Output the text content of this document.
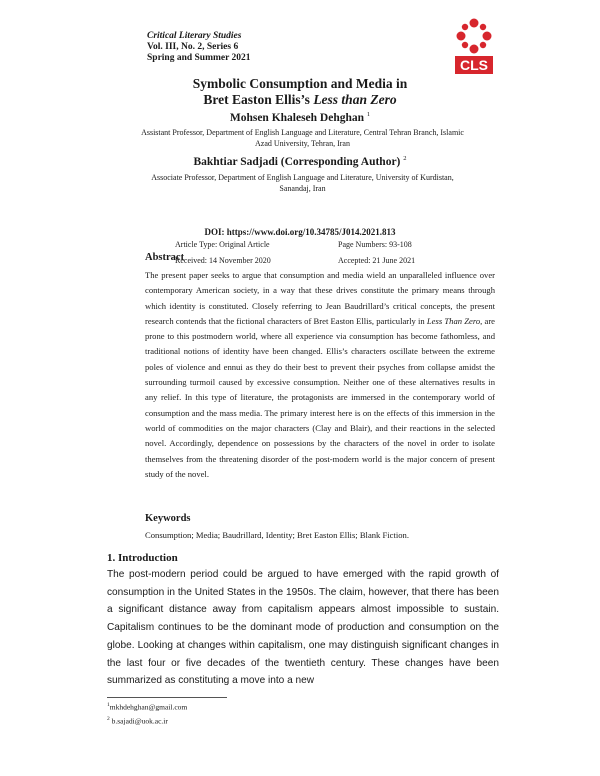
Critical Literary Studies
Vol. III, No. 2, Series 6
Spring and Summer 2021	CLS
Symbolic Consumption and Media in
Bret Easton Ellis’s Less than Zero
Mohsen Khaleseh Dehghan $^1$
Assistant Professor, Department of English Language and Literature, Central Tehran Branch, Islamic Azad University, Tehran, Iran
Bakhtiar Sadjadi (Corresponding Author) $^2$
Associate Professor, Department of English Language and Literature, University of Kurdistan, Sanandaj, Iran
DOI: https://www.doi.org/10.34785/J014.2021.813
Article Type: Original Article	Page Numbers: 93-108
Received: 14 November 2020	Accepted: 21 June 2021
Abstract
The present paper seeks to argue that consumption and media wield an unparalleled influence over contemporary American society, in a way that these drives constitute the primary means through which identity is constituted. Closely referring to Jean Baudrillard’s critical concepts, the present research contends that the fictional characters of Bret Easton Ellis, particularly in Less Than Zero, are prone to this postmodern world, where all experience via consumption has become fathomless, and traditional notions of identity have been changed. Ellis’s characters oscillate between the extreme poles of violence and ennui as they do their best to prevent their psyches from collapse amidst the surrounding turmoil caused by excessive consumption. Neither one of these alternatives results in any relief. In this type of literature, the protagonists are immersed in the contemporary world of consumption and the mass media. The primary interest here is on the effects of this immersion in the world of commodities on the major characters (Clay and Blair), and their reactions in the selected novel. Accordingly, dependence on possessions by the characters of the novel in order to isolate themselves from the threatening disorder of the post-modern world is the major concern of present study of the novel.
Keywords
Consumption; Media; Baudrillard, Identity; Bret Easton Ellis; Blank Fiction.
1. Introduction
The post-modern period could be argued to have emerged with the rapid growth of consumption in the United States in the 1950s. The claim, however, that there has been a significant distance away from capitalism appears almost impossible to sustain. Capitalism continues to be the dominant mode of production and consumption on the globe. Looking at changes within capitalism, one may distinguish significant changes in the last four or five decades of the twentieth century. These changes have been summarized as constituting a move into a new
$^1$mkhdehghan@gmail.com
$^2$ b.sajadi@uok.ac.ir
